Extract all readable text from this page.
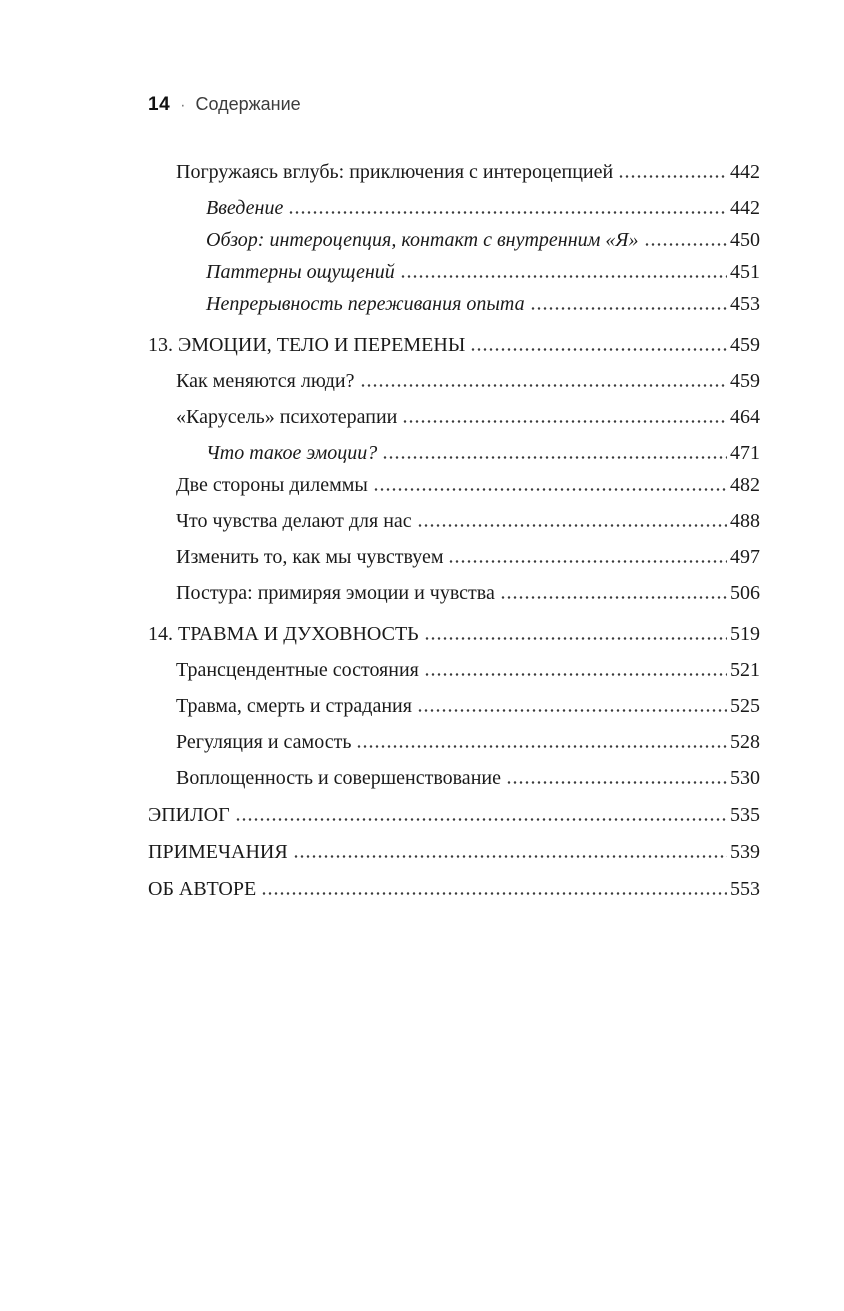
14 · Содержание
Погружаясь вглубь: приключения с интероцепцией	442
Введение	442
Обзор: интероцепция, контакт с внутренним «Я»	450
Паттерны ощущений	451
Непрерывность переживания опыта	453
13. ЭМОЦИИ, ТЕЛО И ПЕРЕМЕНЫ	459
Как меняются люди?	459
«Карусель» психотерапии	464
Что такое эмоции?	471
Две стороны дилеммы	482
Что чувства делают для нас	488
Изменить то, как мы чувствуем	497
Постура: примиряя эмоции и чувства	506
14. ТРАВМА И ДУХОВНОСТЬ	519
Трансцендентные состояния	521
Травма, смерть и страдания	525
Регуляция и самость	528
Воплощенность и совершенствование	530
ЭПИЛОГ	535
ПРИМЕЧАНИЯ	539
ОБ АВТОРЕ	553
